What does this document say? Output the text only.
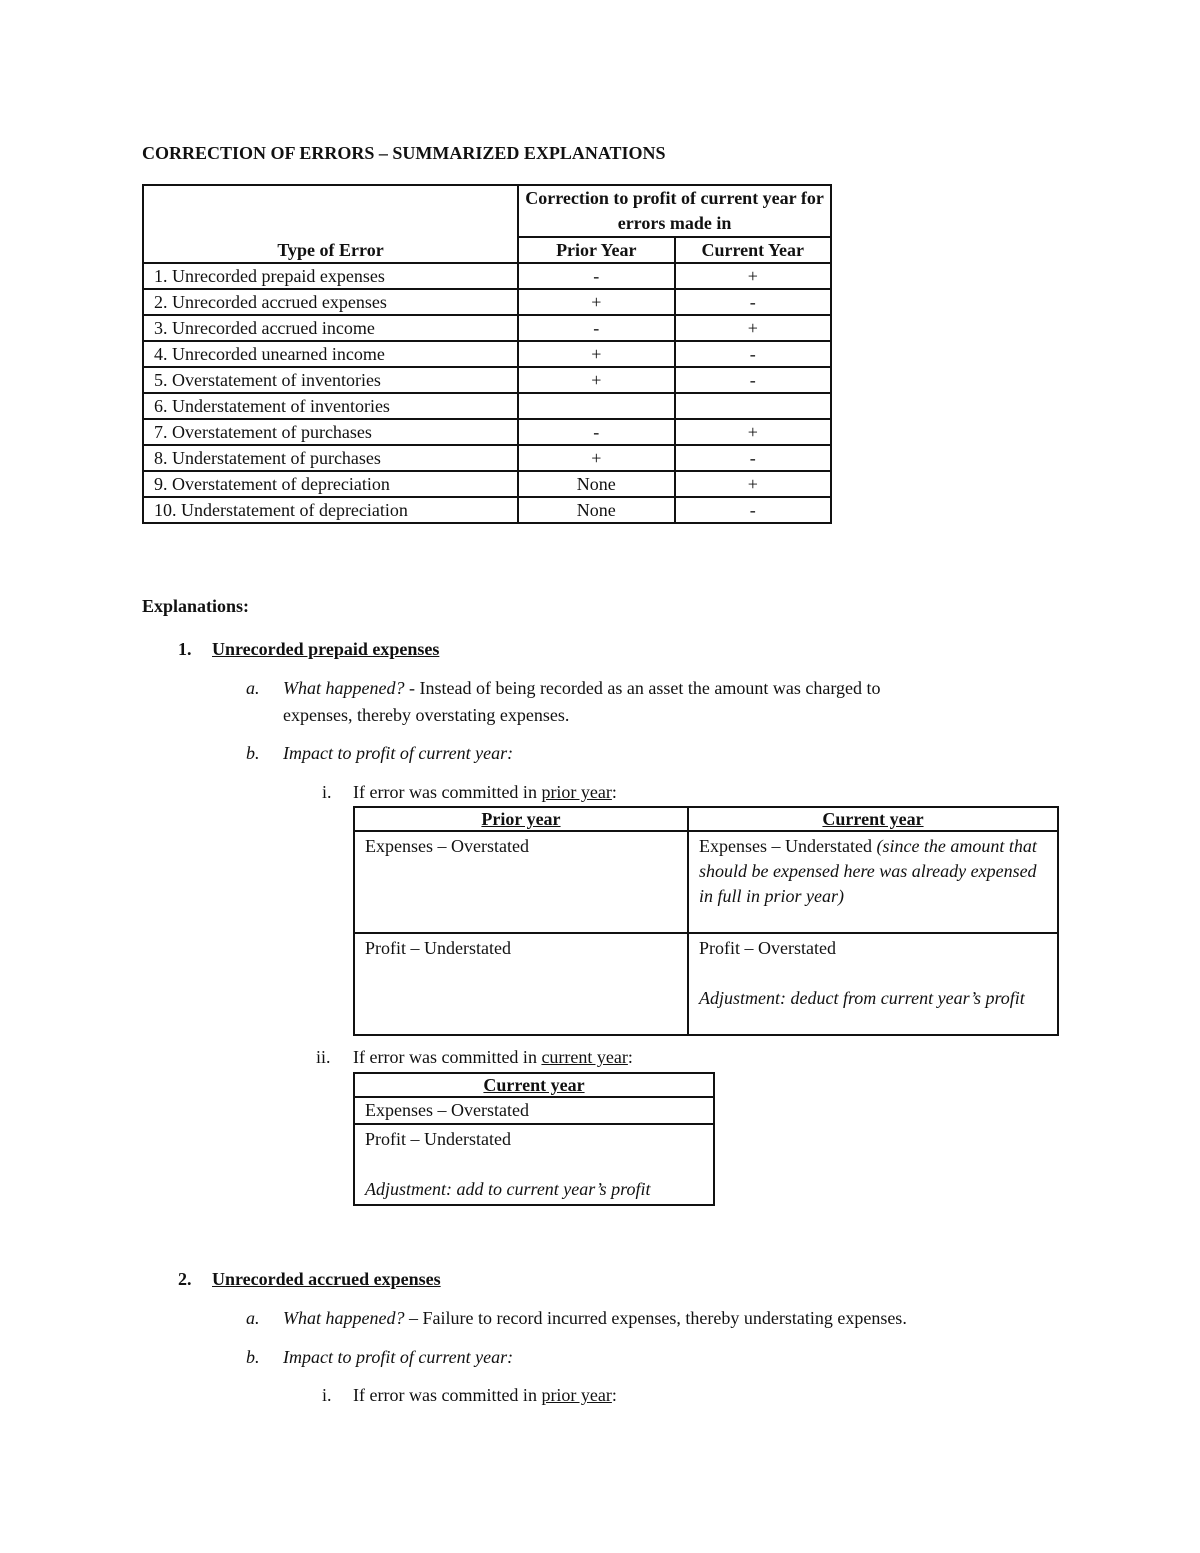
CORRECTION OF ERRORS – SUMMARIZED EXPLANATIONS
Type of Error	Correction to profit of current year for errors made in	
	Prior Year	Current Year
1. Unrecorded prepaid expenses	-	+
2. Unrecorded accrued expenses	+	-
3. Unrecorded accrued income	-	+
4. Unrecorded unearned income	+	-
5. Overstatement of inventories	+	-
6. Understatement of inventories		
7. Overstatement of purchases	-	+
8. Understatement of purchases	+	-
9. Overstatement of depreciation	None	+
10. Understatement of depreciation	None	-
Explanations:
1. Unrecorded prepaid expenses
a. What happened? - Instead of being recorded as an asset the amount was charged to
expenses, thereby overstating expenses.
b. Impact to profit of current year:
i. If error was committed in prior year:
Prior year	Current year
Expenses – Overstated	Expenses – Understated (since the amount that should be expensed here was already expensed in full in prior year)
Profit – Understated	Profit – Overstated
Adjustment: deduct from current year’s profit
ii. If error was committed in current year:
Current year
Expenses – Overstated

Profit – Understated
Adjustment: add to current year’s profit
2. Unrecorded accrued expenses
a. What happened? – Failure to record incurred expenses, thereby understating expenses.
b. Impact to profit of current year:
i. If error was committed in prior year:
